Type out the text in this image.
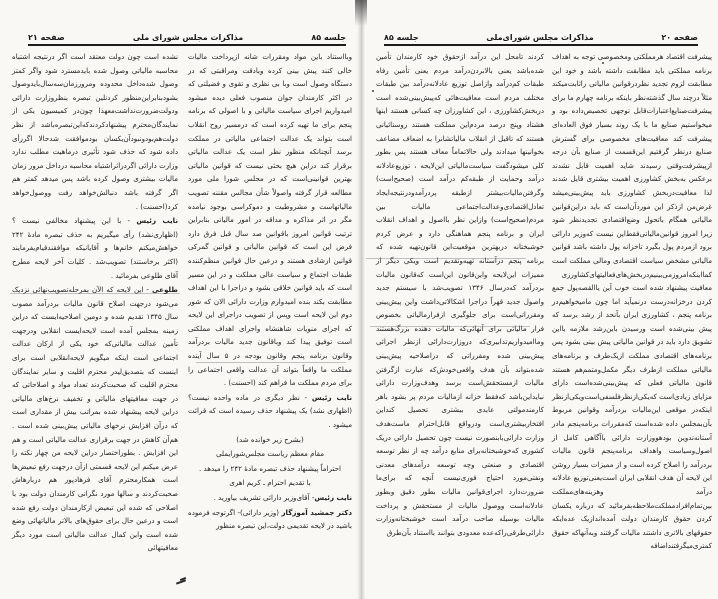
جلسه ۸۵
مذاکرات مجلس شورای ملی
صفحه ۲۱

وبااستناد باین مواد ومقررات شانه ازپرداخت مالیات خالی کنند پیش بینی کرده وبادقت ومراقبتی که در دستگاه وصول است وبا بی نظری و تقوی و فضیلتی که در اکثر کارمندان جوان منصوب فعلی دیده میشود امیدواریم اجرای سیاست مالیاتی و با اصولی که برنامه پنجم برای ما تهیه کرده است که درمسیر روح انقلاب است بتواند یک عدالت اجتماعی مالیاتی در مملکت برسد آنچنانکه منظور نظر است یک عدالت مالیاتی برقرار کند دراین هیچ بحثی نیست که قوانین مالیاتی بهترین قوانینی‌است که در مجلس شورا ملی مورد مطالعه قرار گرفته واصولاً شأن مجالس مقننه تصویب مالیاتهاست و مشروطیت و دموکراسی بوجود نیامده مگر در اثر مذاکره و مداقه در امور مالیاتی بنابراین ترتیب قوانین امروز باقوانین صد سال قبل فرق دارد فرض این است که قوانین مالیاتی و قوانین گمرکی قوانین ارشادی هستند و درعین حال قوانین منظم‌کننده طبقات اجتماع و سیاست عالی مملکت و در این مسیر است که باید قوانین خلاقی بشود و دراجرا با این اهداف مطابقت بکند بنده امیدوارم وزارت دارائی الان که شور دوم این لایحه است وپس از تصویب دراجرای این لایحه که اجرای منویات شاهنشاه واجرای اهداف مملکتی است توفیق پیدا کند وباقانون جدید مالیات بردرآمد وقانون برنامه پنجم وقانون بودجه در ۵ سال آینده مملکت ما واقعاً بتواند آن عدالت واقعی اجتماعی را برای مردم مملکت ما فراهم کند (احسنت) .

نایب رئیس - نظر دیگری در ماده واحده نیست؟ (اظهاری نشد) یک پیشنهاد حذف رسیده است که قرائت میشود .

(بشرح زیر خوانده شد)

مقام معظم ریاست مجلس‌شورایملی

احتراماً پیشنهاد حذف تبصره مادهٔ ۲۴۲ را میدهد .

با تقدیم احترام ـ کریم اهری

نایب رئیس- آقای‌وزیر دارائی تشریف بیاورید .

دکتر جمشید آموزگار (وزیر دارائی)- اگرتوجه فرموده باشید در لایحه تقدیمی دولت،این تبصره منظور

نشده است چون دولت معتقد است اگر درنتیجه اشتباه محاسبه مالیاتی وصول شده بایدمسترد شود واگر کمتر وصول شده‌داخل محدوده ومرورزمان‌سه‌سال‌بایدوصول بشودبنابراین‌منظور کردنلین تبصره بنظروزارت دارائی ودولت‌ضرورت‌نداشت‌معهذا چون‌در کمیسیون یکی از نمایندگان‌محترم پیشنهادکردند‌که‌این‌تبصره‌باشد از نظر دولت‌هم‌بودونبودآن‌یکسان بودموافقت شدحالا اگررأی داده شود که حذف شود تأثیری درماهیت مطلب ندارد وزارت دارائی اگردراثراشتباه محاسبه درداخل مرور زمان مالیات بیشتری وصول کرده باشد پس میدهد کمتر هم اگر گرفته باشد دنبالش‌خواهد رفت ووصول‌خواهد کرد(احسنت) .

نایب رئیس - با این پیشنهاد مخالفی نیست ؟ (اظهاری‌نشد) رأی میگیریم به حذف تبصره مادهٔ ۲۴۲ خواهش‌میکنم خانم‌ها و آقایانیکه موافقندقیام‌بفرمایند (اکثر برخاستند) تصویب‌شد . کلیات آخر لایحه مطرح آقای طلوعی بفرمائید .

طلوعی - این لایحه که الآن بمرحله‌تصویب‌نهائی نزدیک می‌شود درجهت اصلاح قانون مالیات بردرآمد مصوب سال ۱۳۴۵ تقدیم شده و دومین اصلاحیه‌ایست که دراین زمینه بمجلس آمده است لایحه‌ایست انقلابی ودرجهت تأمین عدالت مالیاتی‌که خود یکی از ارکان عدالت اجتماعی است اینکه میگویم لایحه‌انقلابی است برای اینست که بتصدیق‌لیدر محترم اقلیت و سایر نمایندگان محترم اقلیت که صحبت‌کردند تعداد مواد و اصلاحاتی که در جهت معافیتهای مالیاتی و تخفیف نرخ‌های مالیاتی دراین لایحه پیشنهاد شده بمراتب بیش از مقداری است که درآن افزایش نرخهای مالیاتی پیش‌بینی شده است . هم‌آن کاهش در جهت برقراری عدالت مالیاتی است و هم این افزایش . بطوراختصار دراین لایحه من چهار نکته را عرض میکنم این لایحه قسمتی ازآن درجهت رفع تبعیض‌ها است همکارمحترم آقای فرهادپور هم دربارهاش صحبت‌کردند و سالها مورد نگرانی کارمندان دولت بود با اصلاحی که شده این تبعیض ازکارمندان دولت رفع شده است و درعین‌ حال برای حقوق‌های بالاتر مالیاتهائی وضع شده است واین کمال عدالت مالیاتی است مورد دیگر معافیتهائی

صفحه ۲۰
مذاکرات مجلس شورای‌ملی
جلسه ۸۵

پیشرفت اقتصاد هرمملکتی ومخصوصی توجه به اهداف برنامه مملکتی باید مطابقت داشته باشد و خود این مطابقت لزوم تجدید نظردرقوانین مالیاتی راثابت‌میکند مثلاً درچند سال گذشته‌نظر باینکه برنامه چهارم ما برای پیشرفت‌صنایع‌اعتبارات‌قابل توجهی تخصیص‌داده بود و میخواستیم صنایع ما با یک روند بسیار فوق العاده‌ای پیشرفت کند معافیت‌های مخصوصی برای گسترش صنایع درنظر گرفتیم این‌قسمت از صنایع بآن درجه ازپیشرفت‌وقتی رسیدند شاید اهمیت قابل نشدند برعکس به‌بخش کشاورزی اهمیت بیشتری قایل شدند لذا معافیت‌دربخش کشاورزی باید پیش‌بینی‌میشد غرض‌من ازذکر این موردآن‌است که باید دراین‌قوانین مالیاتی همگام باتحول وضع‌اقتصادی تجدیدنظر شود زیرا امروز قوانین‌مالیاتی‌فقط‌این نیست که‌وزیر دارائی برود ازمردم پول بگیرد تاخزانه پول داشته باشد قوانین مالیاتی مشخص سیاست اقتصادی ومالی مملکت است کمااینکه‌امروز‌می‌بینیم‌دربخش‌های‌فعالیتهای‌کشاورزی معافیت پیشنهاد شده است خوب آین یاالقصه‌پول جمع کردن درخزانه‌درست درنمیآید اما چون مامیخواهیم‌در برنامه پنجم ، کشاورزی ایران بآنحد از رشد برسد که پیش بینی‌شده است ورسیدن باین‌رشد ملازمه بااین تشویق دارد باید در قوانین مالیاتی پیش بینی بشود پس برنامه‌های اقتصادی مملکت ازیک‌طرف و برنامه‌های مالیاتی مملکت ازطرف دیگر مکمل‌ومتمم‌هم هستند قانون مالیاتی فعلی که پیش‌بینی‌شده‌است دارای مزایای زیادی‌است که‌یکی‌ازنظر‌فلسفی‌است‌ویکی‌ازنظر اینکه‌در موقعی این‌مالیات بردرآمد وقوانین مربوط بآن‌بمجلس داده شده‌است که‌مقررات برنامه‌پنجم مادر آستانه‌تدوین بودهووزارت دارائی باآگاهی کامل از اصول‌وسیاست واهداف برنامه‌پنجم قانون مالیات بردرآمد را اصلاح کرده است و از ممیزات بسیار روشن این لایحه آن هدف انقلابی ایران است‌یعنی‌توزیع عادلانه درآمد وهزینه‌های‌مملکت بین‌تمام‌افراد‌مملکت‌ملاحظه‌بفرمائید که درباره یکسان کردن حقوق کارمندان دولت آمده‌اند‌ازیک عده‌ایکه حقوقهای بالاتری داشتند مالیات گرفتند وبه‌آنهاکه حقوق کمتری‌میگرفتنداضافه

کردند تامحل این درآمد ازحقوق خود کارمندان تأمین شده‌باشد یعنی بالابردن‌درآمد مردم یعنی تأمین رفاه طبقات کم‌درآمد وازاصل توزیع عادلانه‌درآمد بین طبقات مختلف مردم است معافیت‌هائی که‌پیش‌بینی‌شده است دربخش‌کشاورزی ، این کشاورزان چه کسانی هستند اینها هشتاد وپنج درصد مردم‌این مملکت هستند روستائیانی هستند که تاقبل از انقلاب مالیاتشانرا به اضعاف مضاعف بخوانینها میدادند ولی حالاتماماً معاف هستند پس بطور کلی میشودگفت سیاست‌مالیاتی این‌لایحه ، توزیع‌عادلانه درآمد وحمایت از طبقه‌کم درآمد است (صحیح‌است) وگرفتن‌مالیات‌بیشتر ازطبقه پردرآمدو‌درنتیجه‌ایجاد تعادل‌اقتصادی‌وعدالت‌اجتماعی مالیات بین مردم(صحیح‌است) وازاین نظر بااصول و اهداف انقلاب ایران و برنامه پنجم هماهنگی دارد و عرض کردم خوشبختانه دربهترین موقعیت‌این قانون‌تهیه شده که برنامه پنجم درآستانه تهیه‌وتقدیم است ویکی دیگر از ممیزات این‌لایحه واین‌قانون این‌است که‌قانون مالیات بردرآمد که‌درسال ۱۳۴۶ تصویب‌شد با سیستم جدید واصول جدید قهراً دراجرا اشکالاتی‌داشت واین پیش‌بینی ومقرراتی‌است برای جلوگیری ازفرارمالیاتی بخصوص فرار مالیاتی برای آنهائی‌که مالیات دهنده بزرگ‌هستند وماامیدواریم‌تدابیری‌که دروزارت‌دارائی ازنظر اجرائی پیش‌بینی شده ومقرراتی که دراصلاحیه پیش‌بینی شده‌بتواند بآن هدف واقعی‌خودش‌که عبارت ازگرفتن مالیات ازمستحقش‌است برسد وهدف‌وزارت دارائی نبایداین‌باشد که‌فقط خزانه ازمالیات مردم پر بشود باهر کارمندمولتی عایدی بیشتری تحصیل کنداین افتخاربیشتری‌است ودرواقع قابل‌احترام ماست‌هدف وزارت دارائی‌بابنصورت نیست چون تحصیل دارائی دریک کشوری که‌خوشبختانه‌برای منابع درآمد چه از نظر توسعه اقتصادی و صنعتی وچه توسعه درآمدهای معدنی ونفتی‌مورد احتیاج فوری‌نیست آنچه که برای‌ما ضرورت‌دارد اجرای‌قوانین مالیات بطور دقیق وبطور عادلانه‌است ووصول مالیات از مستحقش و پرداخت مالیات بوسیله صاحب درآمد است خوشبختانه‌وزارت دارائی‌طرقی‌راکه‌عده معدودی بتوانند بااستناد بآن‌طرق
